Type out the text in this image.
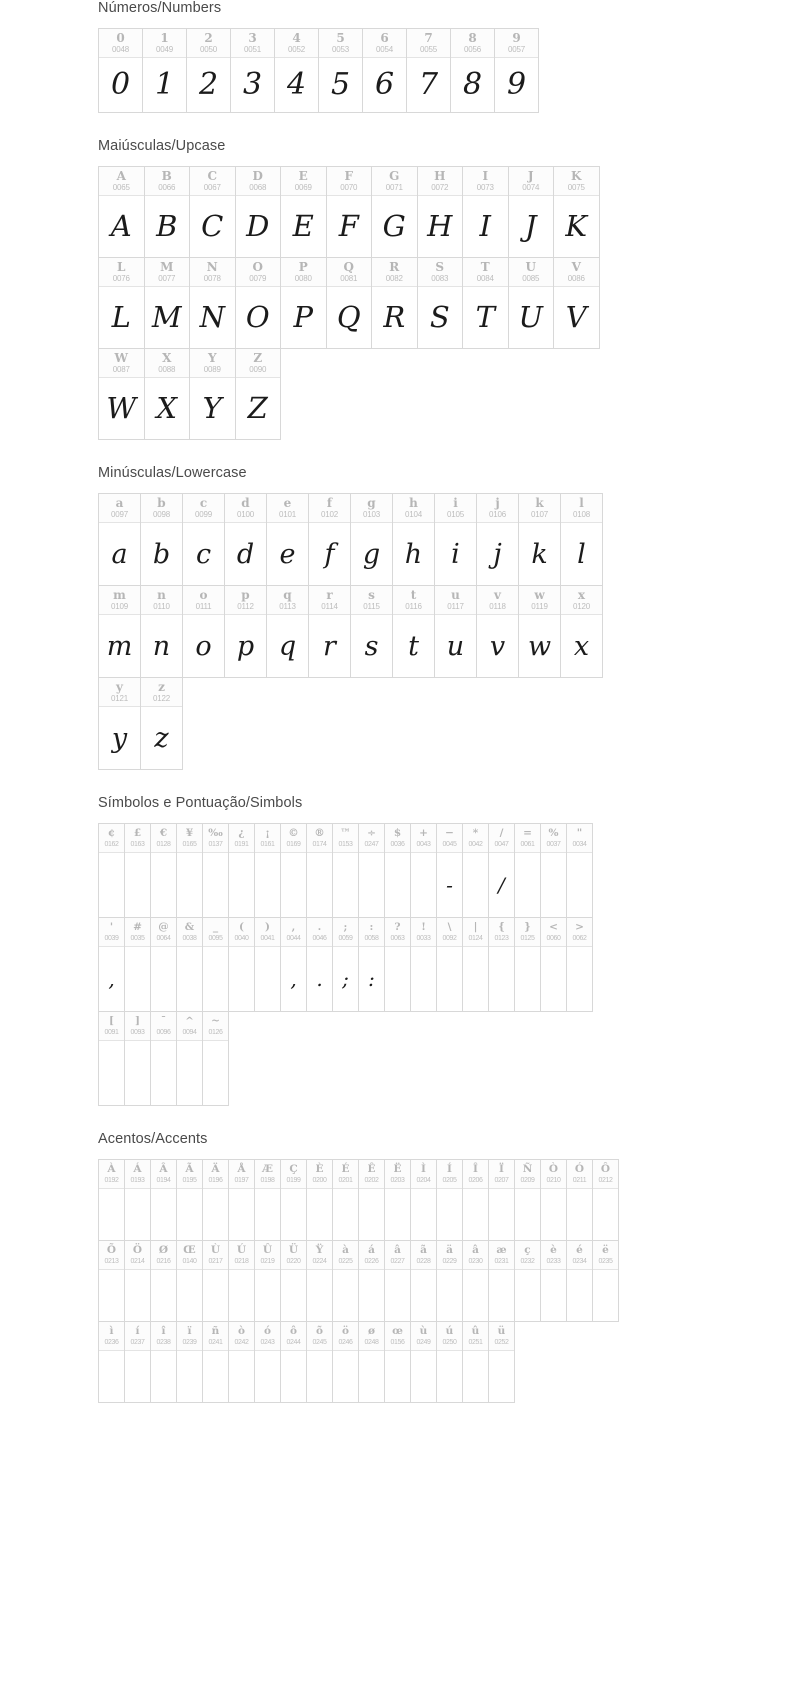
Números/Numbers
0
0048
0
1
0049
1
2
0050
2
3
0051
3
4
0052
4
5
0053
5
6
0054
6
7
0055
7
8
0056
8
9
0057
9
Maiúsculas/Upcase
A
0065
A
B
0066
B
C
0067
C
D
0068
D
E
0069
E
F
0070
F
G
0071
G
H
0072
H
I
0073
I
J
0074
J
K
0075
K
L
0076
L
M
0077
M
N
0078
N
O
0079
O
P
0080
P
Q
0081
Q
R
0082
R
S
0083
S
T
0084
T
U
0085
U
V
0086
V
W
0087
W
X
0088
X
Y
0089
Y
Z
0090
Z
Minúsculas/Lowercase
a
0097
a
b
0098
b
c
0099
c
d
0100
d
e
0101
e
f
0102
f
g
0103
g
h
0104
h
i
0105
i
j
0106
j
k
0107
k
l
0108
l
m
0109
m
n
0110
n
o
0111
o
p
0112
p
q
0113
q
r
0114
r
s
0115
s
t
0116
t
u
0117
u
v
0118
v
w
0119
w
x
0120
x
y
0121
y
z
0122
z
Símbolos e Pontuação/Simbols
¢
0162
£
0163
€
0128
¥
0165
‰
0137
¿
0191
¡
0161
©
0169
®
0174
™
0153
÷
0247
$
0036
+
0043
−
0045
-
*
0042
/
0047
/
=
0061
%
0037
"
0034
'
0039
,
#
0035
@
0064
&
0038
_
0095
(
0040
)
0041
,
0044
,
.
0046
.
;
0059
;
:
0058
:
?
0063
!
0033
\
0092
|
0124
{
0123
}
0125
<
0060
>
0062
[
0091
]
0093
ˉ
0096
^
0094
~
0126
Acentos/Accents
À
0192
Á
0193
Â
0194
Ã
0195
Ä
0196
Å
0197
Æ
0198
Ç
0199
È
0200
É
0201
Ê
0202
Ë
0203
Ì
0204
Í
0205
Î
0206
Ï
0207
Ñ
0209
Ò
0210
Ó
0211
Ô
0212
Õ
0213
Ö
0214
Ø
0216
Œ
0140
Ù
0217
Ú
0218
Û
0219
Ü
0220
Ÿ
0224
à
0225
á
0226
â
0227
ã
0228
ä
0229
â
0230
æ
0231
ç
0232
è
0233
é
0234
ë
0235
ì
0236
í
0237
î
0238
ï
0239
ñ
0241
ò
0242
ó
0243
ô
0244
õ
0245
ö
0246
ø
0248
œ
0156
ù
0249
ú
0250
û
0251
ü
0252
